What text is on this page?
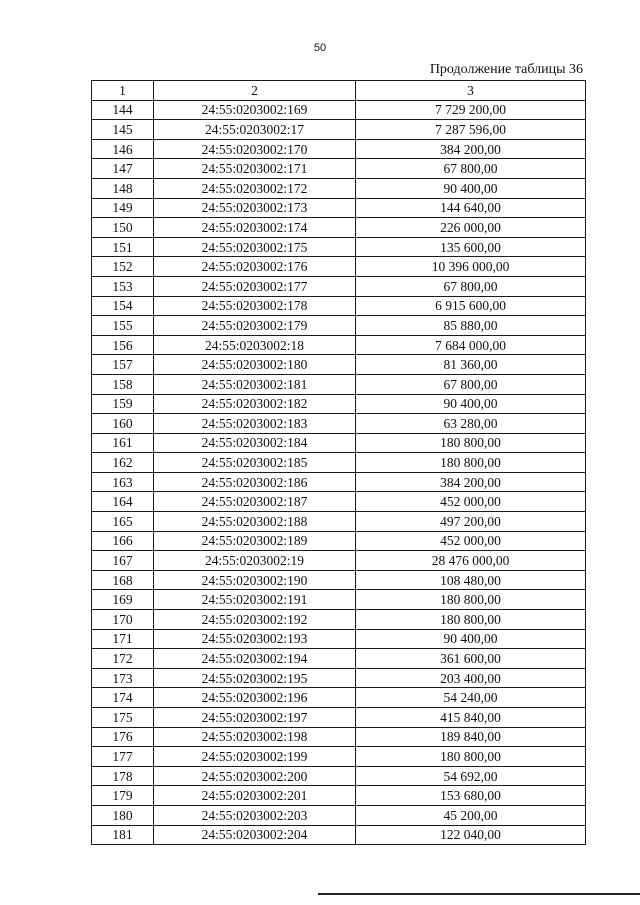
50
Продолжение таблицы 36
1	2	3
144	24:55:0203002:169	7 729 200,00
145	24:55:0203002:17	7 287 596,00
146	24:55:0203002:170	384 200,00
147	24:55:0203002:171	67 800,00
148	24:55:0203002:172	90 400,00
149	24:55:0203002:173	144 640,00
150	24:55:0203002:174	226 000,00
151	24:55:0203002:175	135 600,00
152	24:55:0203002:176	10 396 000,00
153	24:55:0203002:177	67 800,00
154	24:55:0203002:178	6 915 600,00
155	24:55:0203002:179	85 880,00
156	24:55:0203002:18	7 684 000,00
157	24:55:0203002:180	81 360,00
158	24:55:0203002:181	67 800,00
159	24:55:0203002:182	90 400,00
160	24:55:0203002:183	63 280,00
161	24:55:0203002:184	180 800,00
162	24:55:0203002:185	180 800,00
163	24:55:0203002:186	384 200,00
164	24:55:0203002:187	452 000,00
165	24:55:0203002:188	497 200,00
166	24:55:0203002:189	452 000,00
167	24:55:0203002:19	28 476 000,00
168	24:55:0203002:190	108 480,00
169	24:55:0203002:191	180 800,00
170	24:55:0203002:192	180 800,00
171	24:55:0203002:193	90 400,00
172	24:55:0203002:194	361 600,00
173	24:55:0203002:195	203 400,00
174	24:55:0203002:196	54 240,00
175	24:55:0203002:197	415 840,00
176	24:55:0203002:198	189 840,00
177	24:55:0203002:199	180 800,00
178	24:55:0203002:200	54 692,00
179	24:55:0203002:201	153 680,00
180	24:55:0203002:203	45 200,00
181	24:55:0203002:204	122 040,00
